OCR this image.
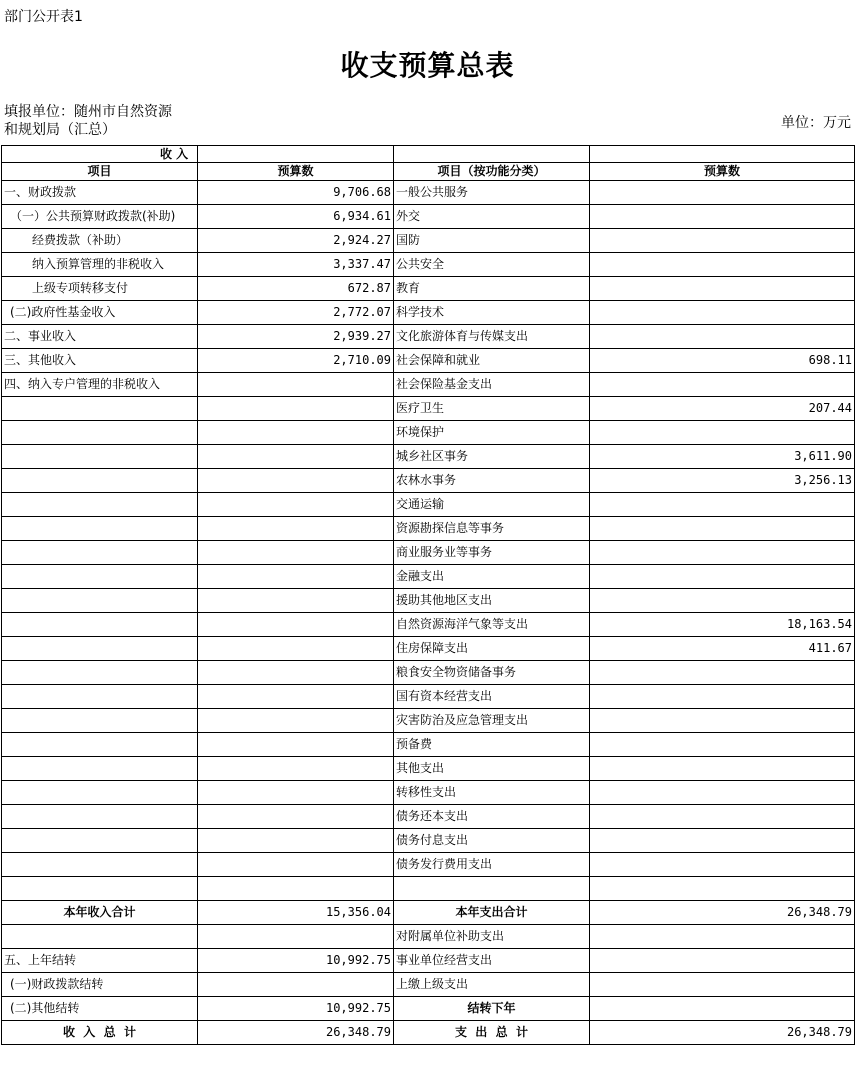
部门公开表1
收支预算总表
填报单位：随州市自然资源
和规划局（汇总）	单位：万元
收 入			
项目	预算数	项目（按功能分类）	预算数
一、财政拨款	9,706.68	一般公共服务	
（一）公共预算财政拨款(补助)	6,934.61	外交	
经费拨款（补助）	2,924.27	国防	
纳入预算管理的非税收入	3,337.47	公共安全	
上级专项转移支付	672.87	教育	
(二)政府性基金收入	2,772.07	科学技术	
二、事业收入	2,939.27	文化旅游体育与传媒支出	
三、其他收入	2,710.09	社会保障和就业	698.11
四、纳入专户管理的非税收入		社会保险基金支出	
		医疗卫生	207.44
		环境保护	
		城乡社区事务	3,611.90
		农林水事务	3,256.13
		交通运输	
		资源勘探信息等事务	
		商业服务业等事务	
		金融支出	
		援助其他地区支出	
		自然资源海洋气象等支出	18,163.54
		住房保障支出	411.67
		粮食安全物资储备事务	
		国有资本经营支出	
		灾害防治及应急管理支出	
		预备费	
		其他支出	
		转移性支出	
		债务还本支出	
		债务付息支出	
		债务发行费用支出	

本年收入合计	15,356.04	本年支出合计	26,348.79
		对附属单位补助支出	
五、上年结转	10,992.75	事业单位经营支出	
(一)财政拨款结转		上缴上级支出	
(二)其他结转	10,992.75	结转下年	
收  入  总  计	26,348.79	支  出  总  计	26,348.79
